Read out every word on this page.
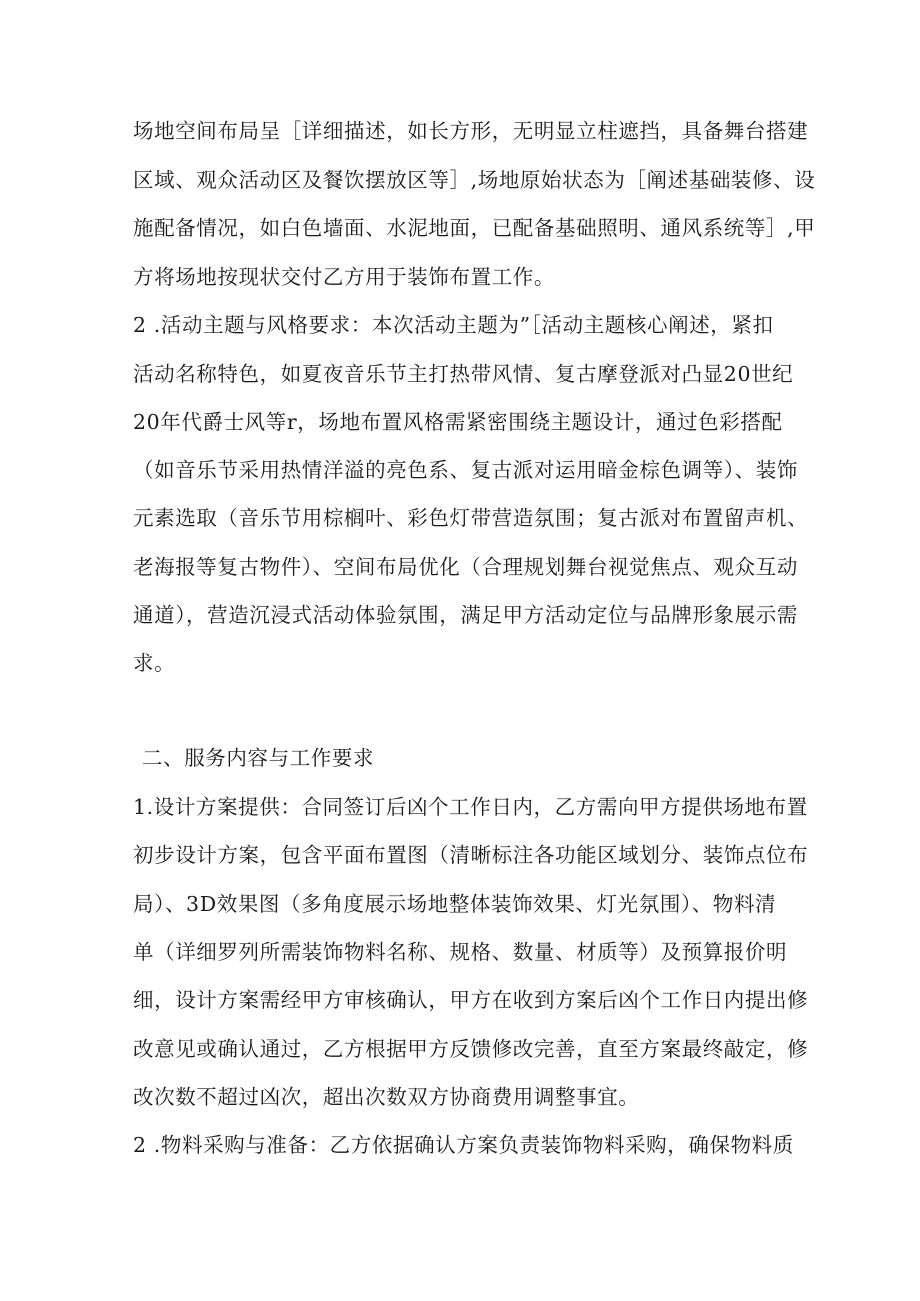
场地空间布局呈［详细描述，如长方形，无明显立柱遮挡，具备舞台搭建
区域、观众活动区及餐饮摆放区等］,场地原始状态为［阐述基础装修、设
施配备情况，如白色墙面、水泥地面，已配备基础照明、通风系统等］,甲
方将场地按现状交付乙方用于装饰布置工作。
2 .活动主题与风格要求：本次活动主题为”［活动主题核心阐述，紧扣
活动名称特色，如夏夜音乐节主打热带风情、复古摩登派对凸显20世纪
20年代爵士风等r，场地布置风格需紧密围绕主题设计，通过色彩搭配
（如音乐节采用热情洋溢的亮色系、复古派对运用暗金棕色调等）、装饰
元素选取（音乐节用棕榈叶、彩色灯带营造氛围；复古派对布置留声机、
老海报等复古物件）、空间布局优化（合理规划舞台视觉焦点、观众互动
通道），营造沉浸式活动体验氛围，满足甲方活动定位与品牌形象展示需
求。
二、服务内容与工作要求
1.设计方案提供：合同签订后凶个工作日内，乙方需向甲方提供场地布置
初步设计方案，包含平面布置图（清晰标注各功能区域划分、装饰点位布
局）、3D效果图（多角度展示场地整体装饰效果、灯光氛围）、物料清
单（详细罗列所需装饰物料名称、规格、数量、材质等）及预算报价明
细，设计方案需经甲方审核确认，甲方在收到方案后凶个工作日内提出修
改意见或确认通过，乙方根据甲方反馈修改完善，直至方案最终敲定，修
改次数不超过凶次，超出次数双方协商费用调整事宜。
2 .物料采购与准备：乙方依据确认方案负责装饰物料采购，确保物料质
